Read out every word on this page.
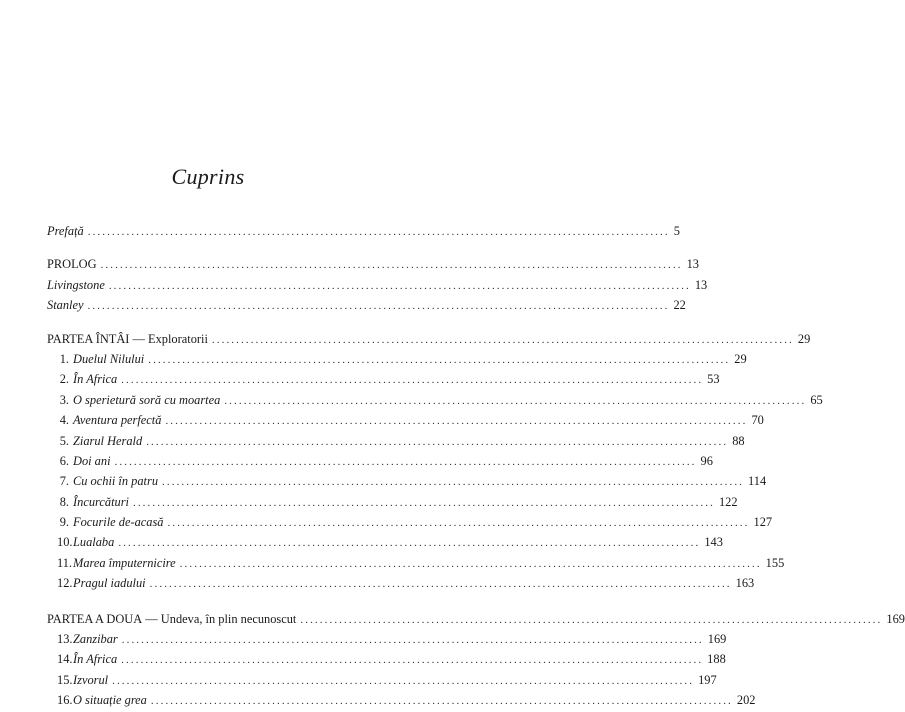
Cuprins
Prefață ........................................................................................................................ 5
PROLOG ........................................................................................................................ 13
Livingstone ........................................................................................................................ 13
Stanley ........................................................................................................................ 22
PARTEA ÎNTÂI — Exploratorii ........................................................................................................................ 29
1. Duelul Nilului ........................................................................................................................ 29
2. În Africa ........................................................................................................................ 53
3. O sperietură soră cu moartea ........................................................................................................................ 65
4. Aventura perfectă ........................................................................................................................ 70
5. Ziarul Herald ........................................................................................................................ 88
6. Doi ani ........................................................................................................................ 96
7. Cu ochii în patru ........................................................................................................................ 114
8. Încurcături ........................................................................................................................ 122
9. Focurile de-acasă ........................................................................................................................ 127
10. Lualaba ........................................................................................................................ 143
11. Marea împuternicire ........................................................................................................................ 155
12. Pragul iadului ........................................................................................................................ 163
PARTEA A DOUA — Undeva, în plin necunoscut ........................................................................................................................ 169
13. Zanzibar ........................................................................................................................ 169
14. În Africa ........................................................................................................................ 188
15. Izvorul ........................................................................................................................ 197
16. O situație grea ........................................................................................................................ 202
